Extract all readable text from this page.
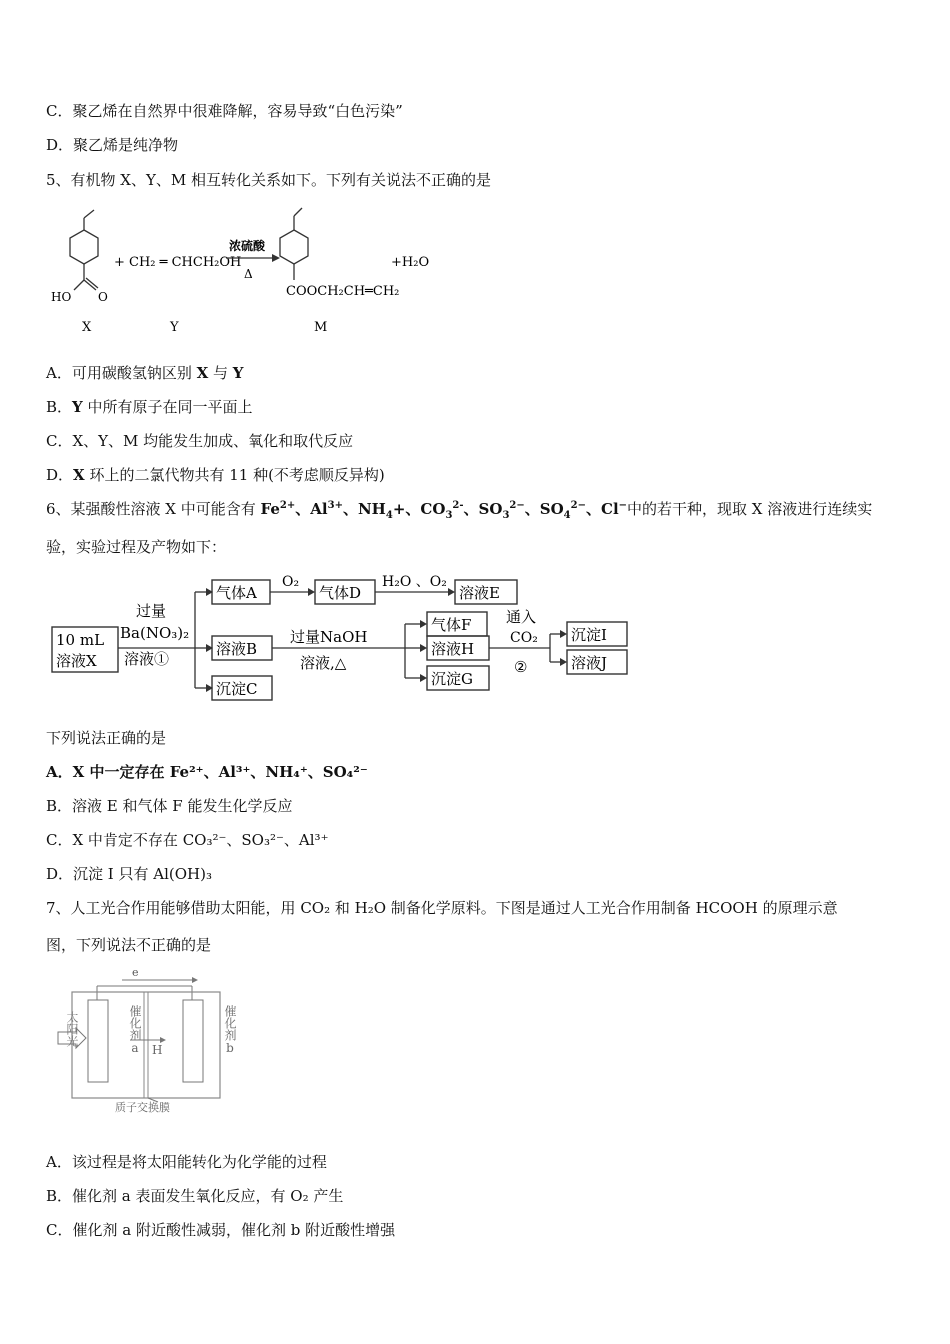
C．聚乙烯在自然界中很难降解，容易导致“白色污染”
D．聚乙烯是纯净物
5、有机物 X、Y、M 相互转化关系如下。下列有关说法不正确的是
HO O
+ CH₂ ═ CHCH₂OH
浓硫酸
Δ
COOCH₂CH═CH₂
+H₂O
X	Y	M
A．可用碳酸氢钠区别 X 与 Y
B．Y 中所有原子在同一平面上
C．X、Y、M 均能发生加成、氧化和取代反应
D．X 环上的二氯代物共有 11 种(不考虑顺反异构)
6、某强酸性溶液 X 中可能含有 $Fe^{2+}$、$Al^{3+}$、$NH_4+$、$CO_3^{2-}$、$SO_3^{2-}$、$SO_4^{2-}$、Cl−中的若干种，现取 X 溶液进行连续实
验，实验过程及产物如下：
10 mL
溶液X
过量
Ba(NO₃)₂
溶液①
气体A
O₂
气体D
H₂O 、O₂
溶液E
溶液B
过量NaOH
溶液,△
沉淀C
气体F
溶液H
沉淀G
通入
CO₂
②
沉淀I
溶液J
下列说法正确的是
A．X 中一定存在 Fe²⁺、Al³⁺、NH₄⁺、SO₄²⁻
B．溶液 E 和气体 F 能发生化学反应
C．X 中肯定不存在 CO₃²⁻、SO₃²⁻、Al³⁺
D．沉淀 I 只有 Al(OH)₃
7、人工光合作用能够借助太阳能，用 CO₂ 和 H₂O 制备化学原料。下图是通过人工光合作用制备 HCOOH 的原理示意
图，下列说法不正确的是
e
催化剂a	催化剂b
太阳光
H
质子交换膜
A．该过程是将太阳能转化为化学能的过程
B．催化剂 a 表面发生氧化反应，有 O₂ 产生
C．催化剂 a 附近酸性减弱，催化剂 b 附近酸性增强
